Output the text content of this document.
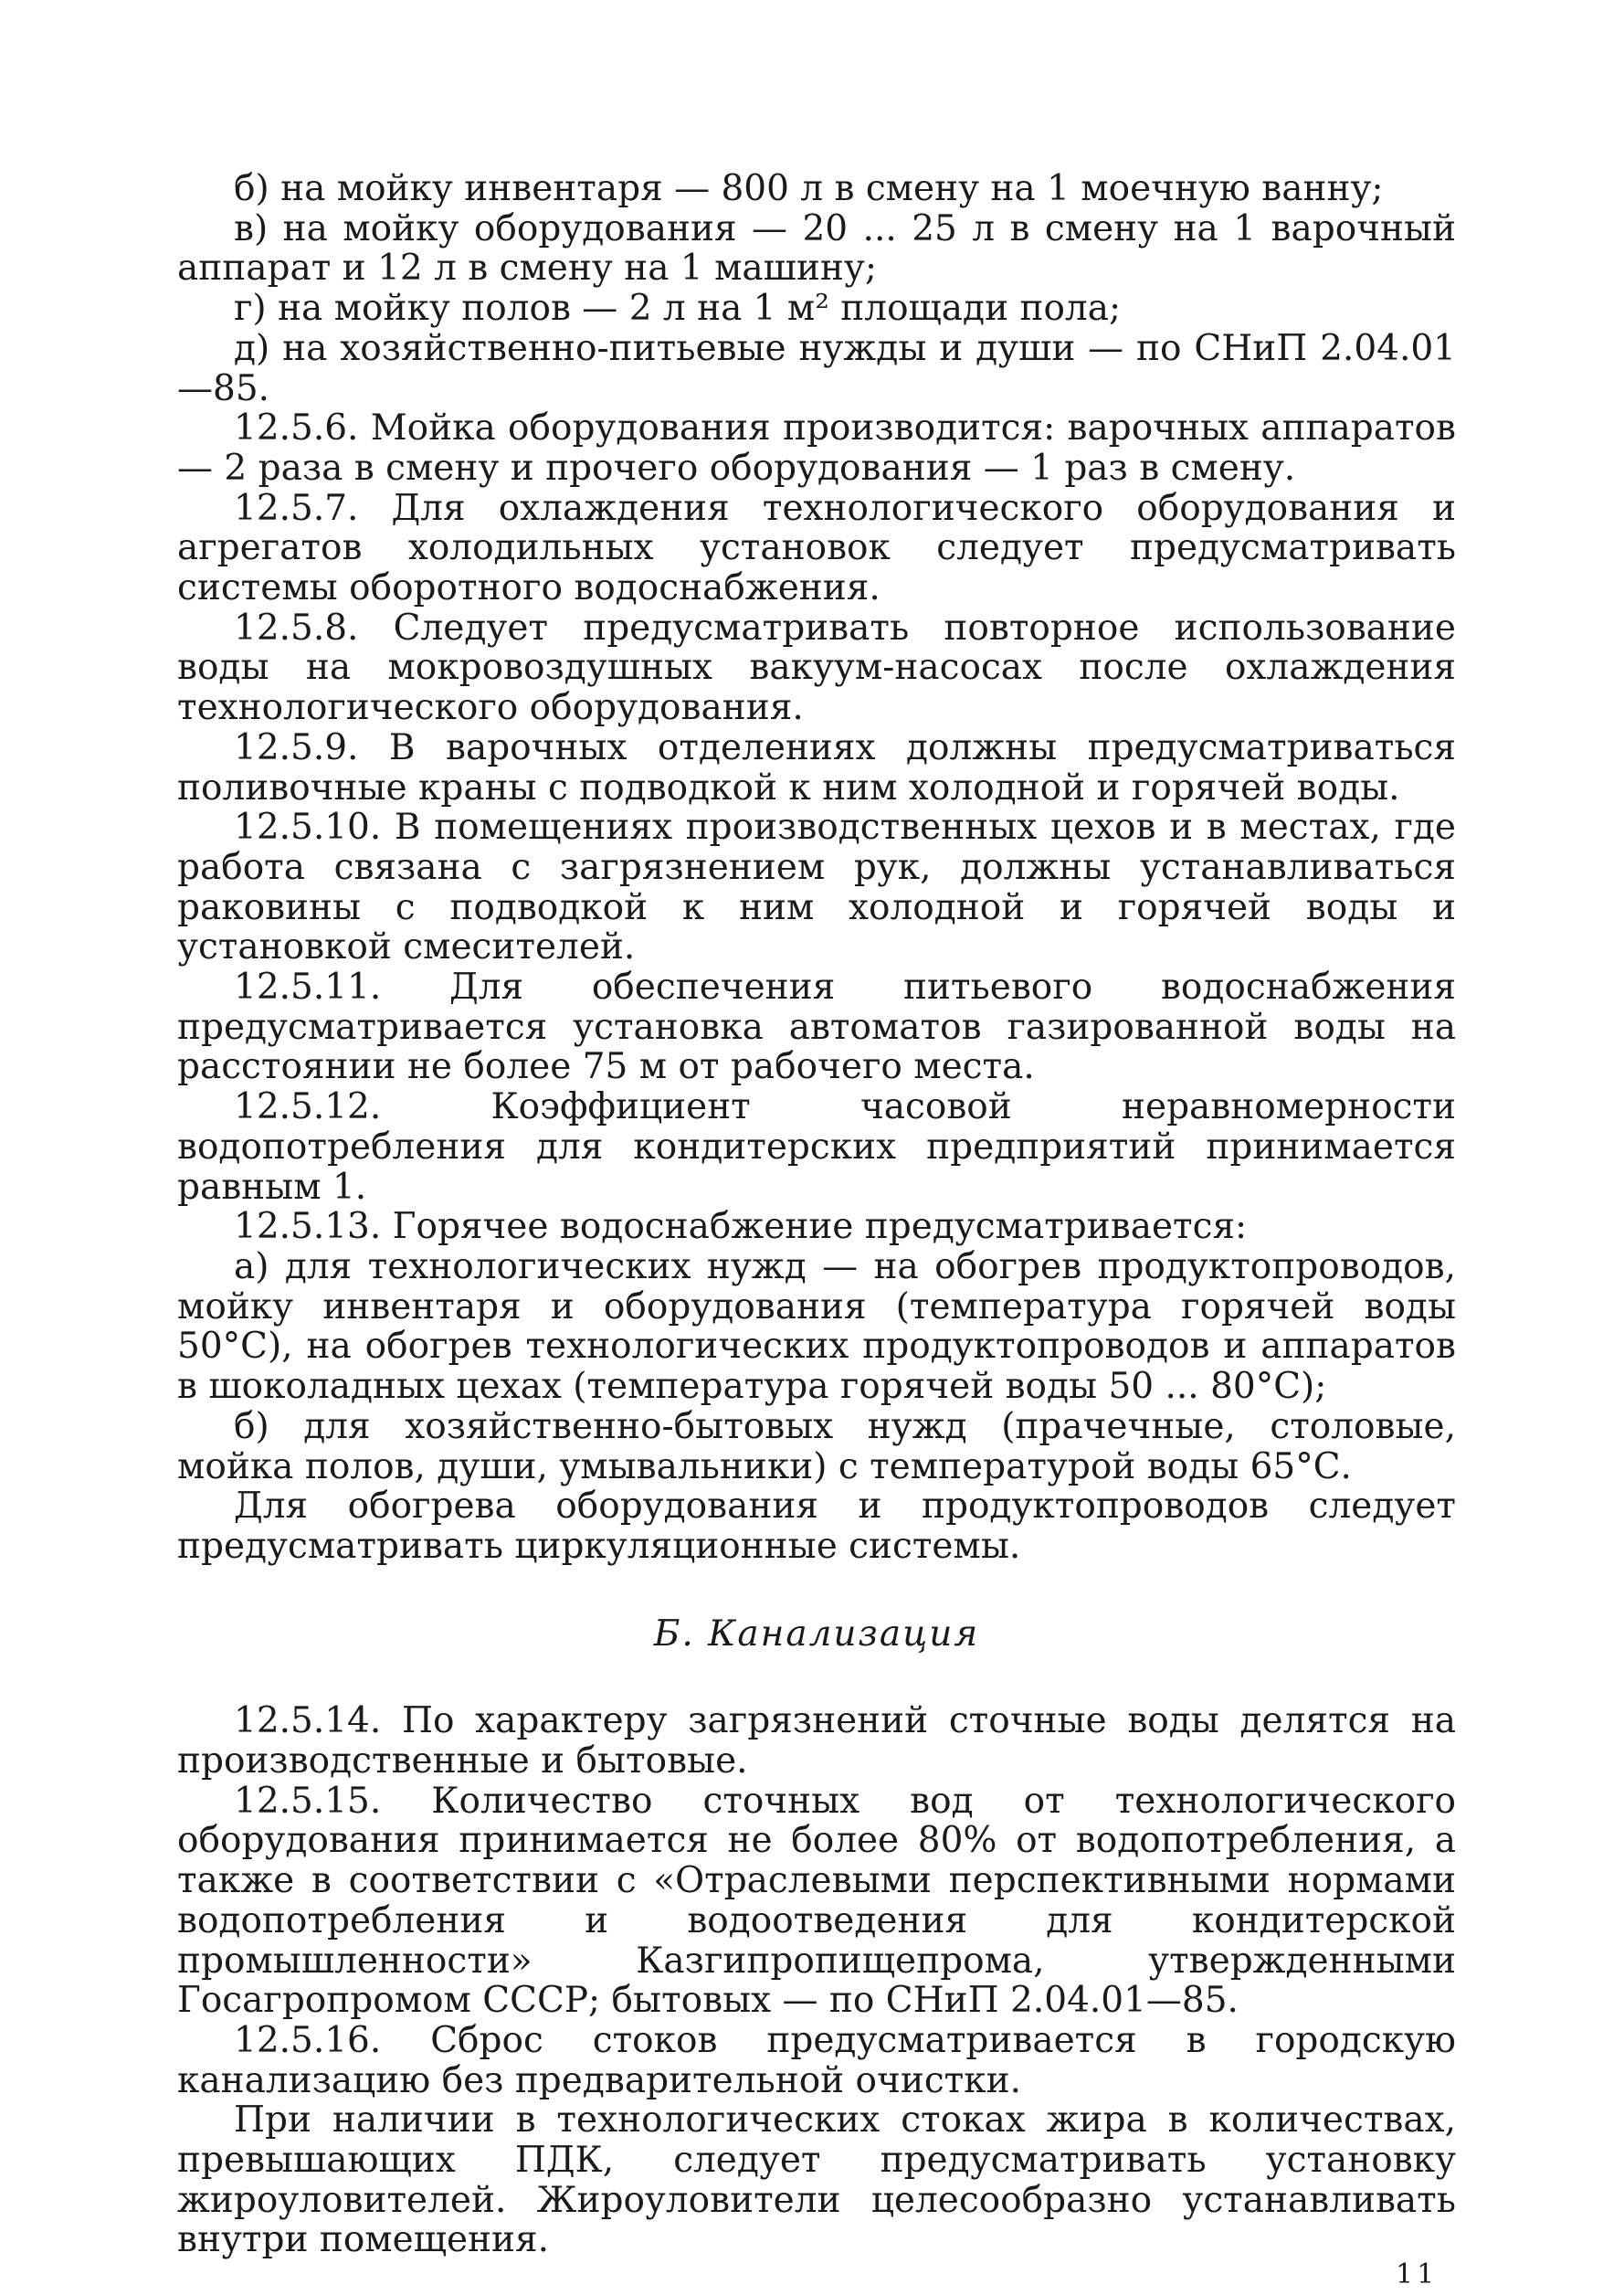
б) на мойку инвентаря — 800 л в смену на 1 моечную ванну;

в) на мойку оборудования — 20 ... 25 л в смену на 1 варочный аппарат и 12 л в смену на 1 машину;

г) на мойку полов — 2 л на 1 м² площади пола;

д) на хозяйственно-питьевые нужды и души — по СНиП 2.04.01—85.

12.5.6. Мойка оборудования производится: варочных аппаратов — 2 раза в смену и прочего оборудования — 1 раз в смену.

12.5.7. Для охлаждения технологического оборудования и агрегатов холодильных установок следует предусматривать системы оборотного водоснабжения.

12.5.8. Следует предусматривать повторное использование воды на мокровоздушных вакуум-насосах после охлаждения технологического оборудования.

12.5.9. В варочных отделениях должны предусматриваться поливочные краны с подводкой к ним холодной и горячей воды.

12.5.10. В помещениях производственных цехов и в местах, где работа связана с загрязнением рук, должны устанавливаться раковины с подводкой к ним холодной и горячей воды и установкой смесителей.

12.5.11. Для обеспечения питьевого водоснабжения предусматривается установка автоматов газированной воды на расстоянии не более 75 м от рабочего места.

12.5.12. Коэффициент часовой неравномерности водопотребления для кондитерских предприятий принимается равным 1.

12.5.13. Горячее водоснабжение предусматривается:

а) для технологических нужд — на обогрев продуктопроводов, мойку инвентаря и оборудования (температура горячей воды 50°С), на обогрев технологических продуктопроводов и аппаратов в шоколадных цехах (температура горячей воды 50 ... 80°С);

б) для хозяйственно-бытовых нужд (прачечные, столовые, мойка полов, души, умывальники) с температурой воды 65°С.

Для обогрева оборудования и продуктопроводов следует предусматривать циркуляционные системы.

Б. Канализация

12.5.14. По характеру загрязнений сточные воды делятся на производственные и бытовые.

12.5.15. Количество сточных вод от технологического оборудования принимается не более 80% от водопотребления, а также в соответствии с «Отраслевыми перспективными нормами водопотребления и водоотведения для кондитерской промышленности» Казгипропищепрома, утвержденными Госагропромом СССР; бытовых — по СНиП 2.04.01—85.

12.5.16. Сброс стоков предусматривается в городскую канализацию без предварительной очистки.

При наличии в технологических стоках жира в количествах, превышающих ПДК, следует предусматривать установку жироуловителей. Жироуловители целесообразно устанавливать внутри помещения.

11
